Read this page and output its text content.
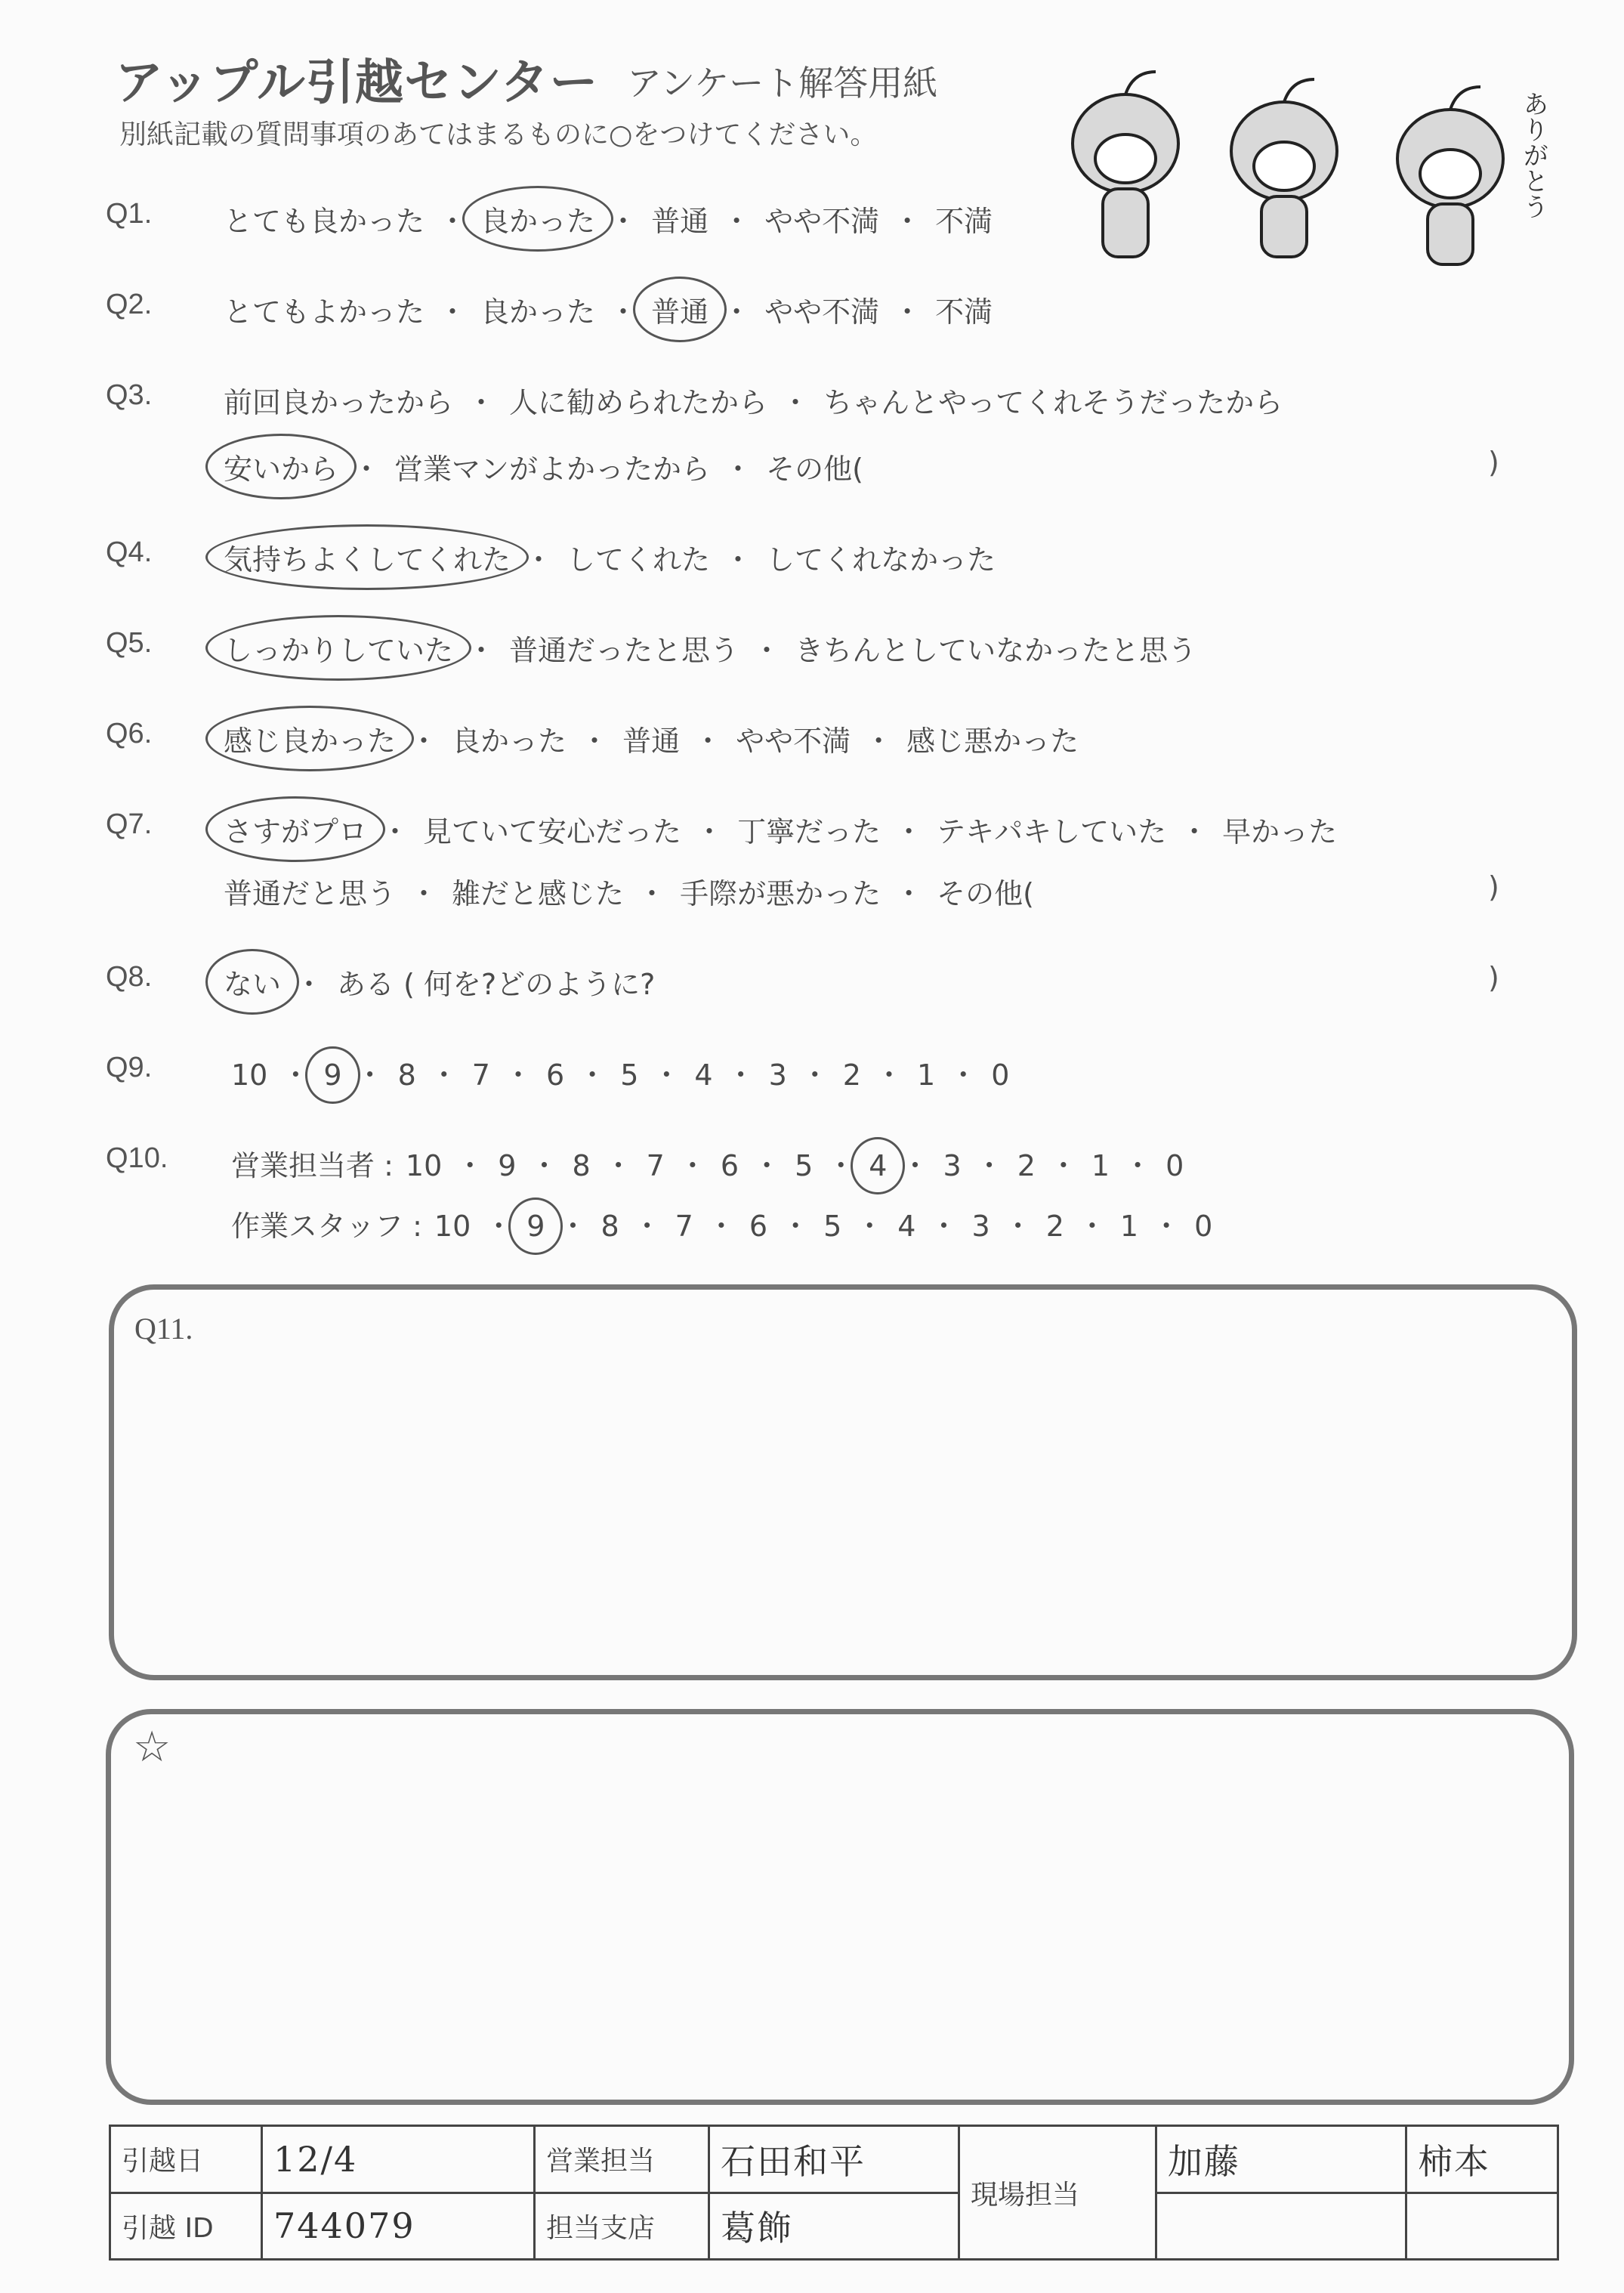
アップル引越センター アンケート解答用紙
別紙記載の質問事項のあてはまるものに○をつけてください。	ありがとう
Q1. とても良かった ・ 良かった ・ 普通 ・ やや不満 ・ 不満
Q2. とてもよかった ・ 良かった ・ 普通 ・ やや不満 ・ 不満
Q3. 前回良かったから ・ 人に勧められたから ・ ちゃんとやってくれそうだったから
安いから ・ 営業マンがよかったから ・ その他(	)
Q4. 気持ちよくしてくれた ・ してくれた ・ してくれなかった
Q5. しっかりしていた ・ 普通だったと思う ・ きちんとしていなかったと思う
Q6. 感じ良かった ・ 良かった ・ 普通 ・ やや不満 ・ 感じ悪かった
Q7. さすがプロ ・ 見ていて安心だった ・ 丁寧だった ・ テキパキしていた ・ 早かった
普通だと思う ・ 雑だと感じた ・ 手際が悪かった ・ その他(	)
Q8. ない ・ ある ( 何を?どのように?	)
Q9.	10 ・ 9 ・ 8 ・ 7 ・ 6 ・ 5 ・ 4 ・ 3 ・ 2 ・ 1 ・ 0
Q10. 営業担当者 : 10 ・ 9 ・ 8 ・ 7 ・ 6 ・ 5 ・ 4 ・ 3 ・ 2 ・ 1 ・ 0
作業スタッフ : 10 ・ 9 ・ 8 ・ 7 ・ 6 ・ 5 ・ 4 ・ 3 ・ 2 ・ 1 ・ 0
Q11.
☆
引越日	12/4	営業担当	石田和平	現場担当	加藤	柿本
引越 ID	744079	担当支店	葛飾			
